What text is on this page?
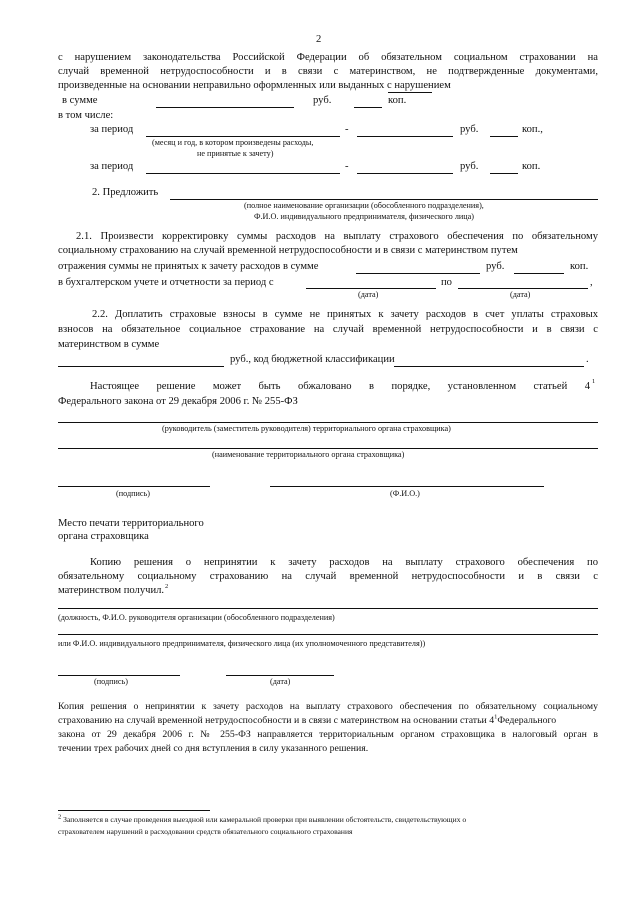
2
с нарушением законодательства Российской Федерации об обязательном социальном страховании на
случай временной нетрудоспособности и в связи с материнством, не подтвержденные документами,
произведенные на основании неправильно оформленных или выданных с нарушением
в сумме	руб.	коп.
в том числе:
за период	-	руб.	коп.,
(месяц и год, в котором произведены расходы,
не принятые к зачету)
за период	-	руб.	коп.
2. Предложить
(полное наименование организации (обособленного подразделения),
Ф.И.О. индивидуального предпринимателя, физического лица)
2.1. Произвести корректировку суммы расходов на выплату страхового обеспечения по обязательному
социальному страхованию на случай временной нетрудоспособности и в связи с материнством путем
отражения суммы не принятых к зачету расходов в сумме	руб.	коп.
в бухгалтерском учете и отчетности за период с	по	,
(дата)	(дата)
2.2. Доплатить страховые взносы в сумме не принятых к зачету расходов в счет уплаты страховых
взносов на обязательное социальное страхование на случай временной нетрудоспособности и в связи с
материнством в сумме
руб., код бюджетной классификации	.
Настоящее решение может быть обжаловано в порядке, установленном статьей 4 1
Федерального закона от 29 декабря 2006 г. № 255-ФЗ
(руководитель (заместитель руководителя) территориального органа страховщика)
(наименование территориального органа страховщика)
(подпись)	(Ф.И.О.)
Место печати территориального
органа страховщика
Копию решения о непринятии к зачету расходов на выплату страхового обеспечения по
обязательному социальному страхованию на случай временной нетрудоспособности и в связи с
материнством получил. 2
(должность, Ф.И.О. руководителя организации (обособленного подразделения)
или Ф.И.О. индивидуального предпринимателя, физического лица (их уполномоченного представителя))
(подпись)	(дата)
Копия решения о непринятии к зачету расходов на выплату страхового обеспечения по обязательному социальному
страхованию на случай временной нетрудоспособности и в связи с материнством на основании статьи $4^1Федерального$
закона от 29 декабря 2006 г. № 255-ФЗ направляется территориальным органом страховщика в налоговый орган в
течении трех рабочих дней со дня вступления в силу указанного решения.
$^2$ Заполняется в случае проведения выездной или камеральной проверки при выявлении обстоятельств, свидетельствующих о
страхователем нарушений в расходовании средств обязательного социального страхования
